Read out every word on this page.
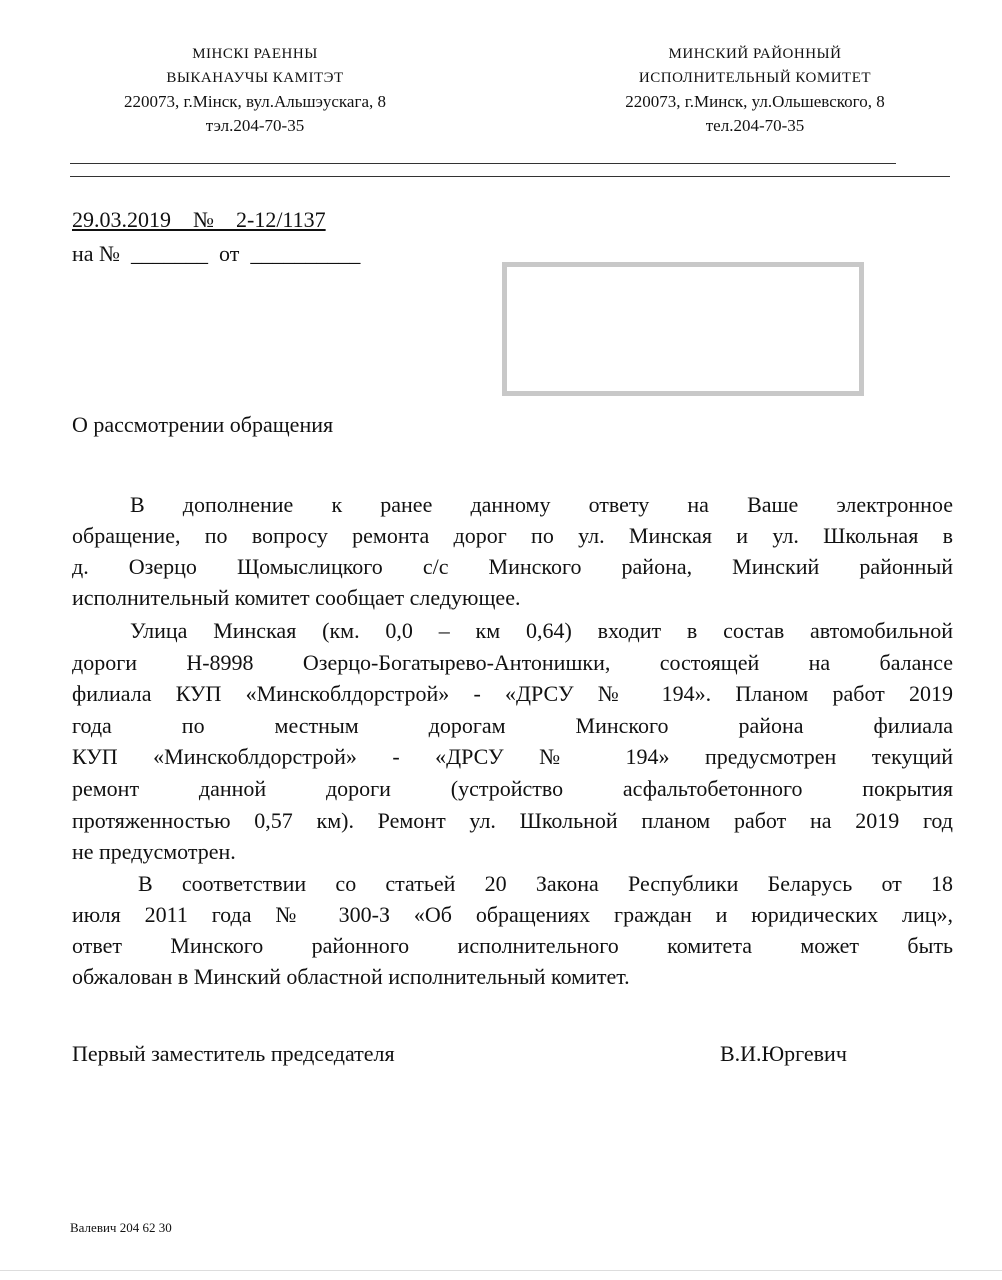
МІНСКІ РАЕННЫ
ВЫКАНАУЧЫ КАМІТЭТ
220073, г.Мінск, вул.Альшэускага, 8
тэл.204-70-35
МИНСКИЙ РАЙОННЫЙ
ИСПОЛНИТЕЛЬНЫЙ КОМИТЕТ
220073, г.Минск, ул.Ольшевского, 8
тел.204-70-35
29.03.2019    №    2-12/1137
на №  _______  от  __________
О рассмотрении обращения
В дополнение к ранее данному ответу на Ваше электронное
обращение, по вопросу ремонта дорог по ул. Минская и ул. Школьная в
д. Озерцо Щомыслицкого с/с Минского района, Минский районный
исполнительный комитет сообщает следующее.
Улица Минская (км. 0,0 – км 0,64) входит в состав автомобильной
дороги Н-8998 Озерцо-Богатырево-Антонишки, состоящей на балансе
филиала КУП «Минскоблдорстрой» - «ДРСУ № 194». Планом работ 2019
года по местным дорогам Минского района филиала
КУП «Минскоблдорстрой» - «ДРСУ № 194» предусмотрен текущий
ремонт данной дороги (устройство асфальтобетонного покрытия
протяженностью 0,57 км). Ремонт ул. Школьной планом работ на 2019 год
не предусмотрен.
В соответствии со статьей 20 Закона Республики Беларусь от 18
июля 2011 года № 300-З «Об обращениях граждан и юридических лиц»,
ответ Минского районного исполнительного комитета может быть
обжалован в Минский областной исполнительный комитет.
Первый заместитель председателя	В.И.Юргевич
Валевич 204 62 30
